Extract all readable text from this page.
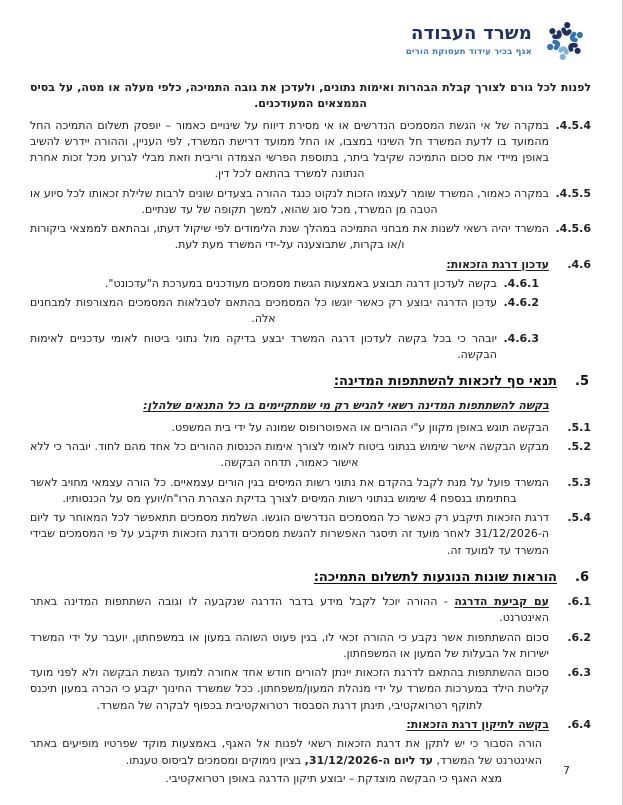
משרד העבודה
אגף בכיר עידוד תעסוקת הורים

לפנות לכל גורם לצורך קבלת הבהרות ואימות נתונים, ולעדכן את גובה התמיכה, כלפי מעלה או מטה, על בסיס הממצאים המעודכנים.

4.5.4.
במקרה של אי הגשת המסמכים הנדרשים או אי מסירת דיווח על שינויים כאמור – יופסק תשלום התמיכה החל מהמועד בו לדעת המשרד חל השינוי במצבו, או החל ממועד דרישת המשרד, לפי העניין, וההורה יידרש להשיב באופן מיידי את סכום התמיכה שקיבל ביתר, בתוספת הפרשי הצמדה וריבית וזאת מבלי לגרוע מכל זכות אחרת הנתונה למשרד בהתאם לכל דין.
4.5.5.
במקרה כאמור, המשרד שומר לעצמו הזכות לנקוט כנגד ההורה בצעדים שונים לרבות שלילת זכאותו לכל סיוע או הטבה מן המשרד, מכל סוג שהוא, למשך תקופה של עד שנתיים.
4.5.6.
המשרד יהיה רשאי לשנות את מבחני התמיכה במהלך שנת הלימודים לפי שיקול דעתו, ובהתאם לממצאי ביקורות ו/או בקרות, שתבוצענה על-ידי המשרד מעת לעת.
4.6.
עדכון דרגת הזכאות:
4.6.1.
בקשה לעדכון דרגה תבוצע באמצעות הגשת מסמכים מעודכנים במערכת ה"עדכונט".
4.6.2.
עדכון הדרגה יבוצע רק כאשר יוגשו כל המסמכים בהתאם לטבלאות המסמכים המצורפות למבחנים אלה.
4.6.3.
יובהר כי בכל בקשה לעדכון דרגה המשרד יבצע בדיקה מול נתוני ביטוח לאומי עדכניים לאימות הבקשה.
5.
תנאי סף לזכאות להשתתפות המדינה:
בקשה להשתתפות המדינה רשאי להגיש רק מי שמתקיימים בו כל התנאים שלהלן:
5.1.
הבקשה תוגש באופן מקוון ע"י ההורים או האפוטרופוס שמונה על ידי בית המשפט.
5.2.
מבקש הבקשה אישר שימוש בנתוני ביטוח לאומי לצורך אימות הכנסות ההורים כל אחד מהם לחוד. יובהר כי ללא אישור כאמור, תדחה הבקשה.
5.3.
המשרד פועל על מנת לקבל בהקדם את נתוני רשות המיסים בגין הורים עצמאיים. כל הורה עצמאי מחויב לאשר בחתימתו בנספח 4 שימוש בנתוני רשות המיסים לצורך בדיקת הצהרת הרו"ח/יועץ מס על הכנסותיו.
5.4.
דרגת הזכאות תיקבע רק כאשר כל המסמכים הנדרשים הוגשו. השלמת מסמכים תתאפשר לכל המאוחר עד ליום ה-31/12/2026 לאחר מועד זה תיסגר האפשרות להגשת מסמכים ודרגת הזכאות תיקבע על פי המסמכים שבידי המשרד עד למועד זה.
6.
הוראות שונות הנוגעות לתשלום התמיכה:
6.1.
עם קביעת הדרגה - ההורה יוכל לקבל מידע בדבר הדרגה שנקבעה לו וגובה השתתפות המדינה באתר האינטרנט.
6.2.
סכום ההשתתפות אשר נקבע כי ההורה זכאי לו, בגין פעוט השוהה במעון או במשפחתון, יועבר על ידי המשרד ישירות אל הבעלות של המעון או המשפחתון.
6.3.
סכום ההשתתפות בהתאם לדרגת הזכאות יינתן להורים חודש אחד אחורה למועד הגשת הבקשה ולא לפני מועד קליטת הילד במערכות המשרד על ידי מנהלת המעון/משפחתון. ככל שמשרד החינוך יקבע כי הכרה במעון תיכנס לתוקף רטרואקטיבי, תינתן דרגת הסבסוד רטרואקטיבית בכפוף לבקרה של המשרד.
6.4.
בקשה לתיקון דרגת הזכאות:

הורה הסבור כי יש לתקן את דרגת הזכאות רשאי לפנות אל האגף, באמצעות מוקד שפרטיו מופיעים באתר האינטרנט של המשרד, עד ליום ה-31/12/2026, בציון נימוקים ומסמכים לביסוס טענתו.

מצא האגף כי הבקשה מוצדקת – יבוצע תיקון הדרגה באופן רטרואקטיבי.

7
